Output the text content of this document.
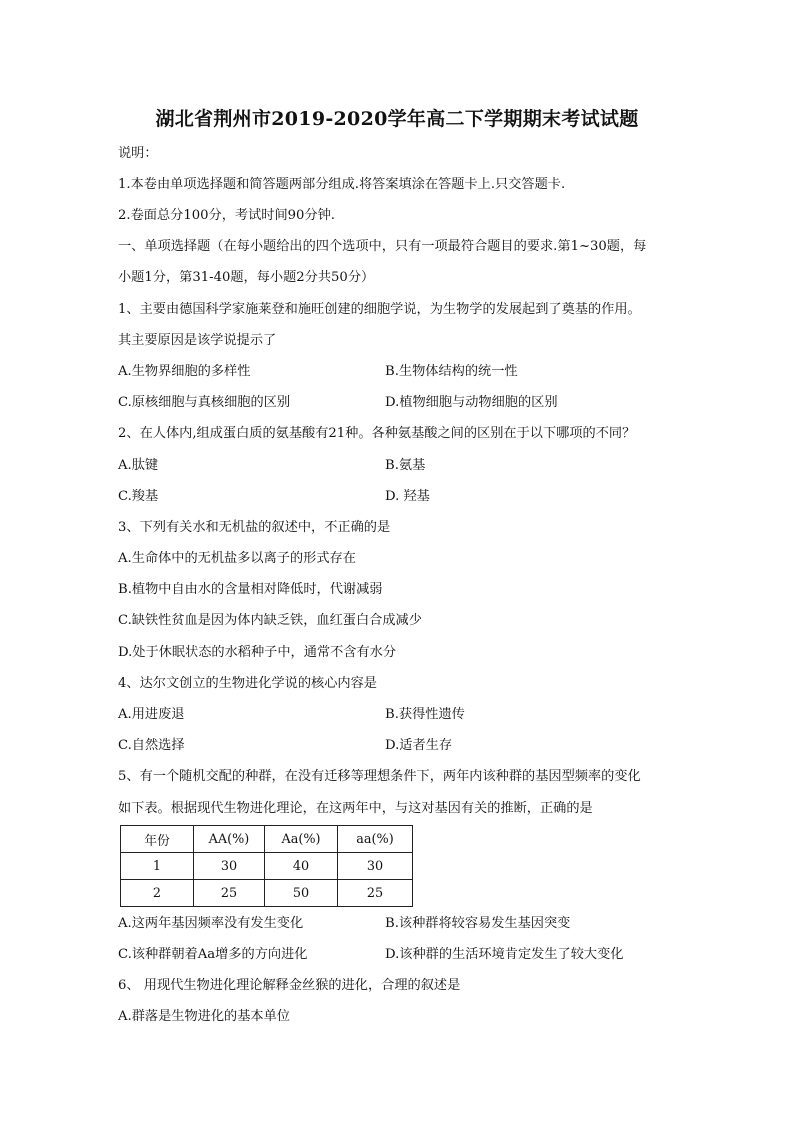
湖北省荆州市2019-2020学年高二下学期期末考试试题
说明：
1.本卷由单项选择题和简答题两部分组成.将答案填涂在答题卡上.只交答题卡.
2.卷面总分100分，考试时间90分钟.
一、单项选择题（在每小题给出的四个选项中，只有一项最符合题目的要求.第1~30题，每
小题1分，第31-40题，每小题2分共50分）
1、主要由德国科学家施莱登和施旺创建的细胞学说，为生物学的发展起到了奠基的作用。
其主要原因是该学说提示了
A.生物界细胞的多样性	B.生物体结构的统一性
C.原核细胞与真核细胞的区别	D.植物细胞与动物细胞的区别
2、在人体内,组成蛋白质的氨基酸有21种。各种氨基酸之间的区别在于以下哪项的不同？
A.肽键	B.氨基
C.羧基	D. 羟基
3、下列有关水和无机盐的叙述中，不正确的是
A.生命体中的无机盐多以离子的形式存在
B.植物中自由水的含量相对降低时，代谢减弱
C.缺铁性贫血是因为体内缺乏铁，血红蛋白合成减少
D.处于休眠状态的水稻种子中，通常不含有水分
4、达尔文创立的生物进化学说的核心内容是
A.用进废退	B.获得性遗传
C.自然选择	D.适者生存
5、有一个随机交配的种群，在没有迁移等理想条件下，两年内该种群的基因型频率的变化
如下表。根据现代生物进化理论，在这两年中，与这对基因有关的推断，正确的是
年份	AA(%)	Aa(%)	aa(%)
1	30	40	30
2	25	50	25
A.这两年基因频率没有发生变化	B.该种群将较容易发生基因突变
C.该种群朝着Aa增多的方向进化	D.该种群的生活环境肯定发生了较大变化
6、 用现代生物进化理论解释金丝猴的进化，合理的叙述是
A.群落是生物进化的基本单位
